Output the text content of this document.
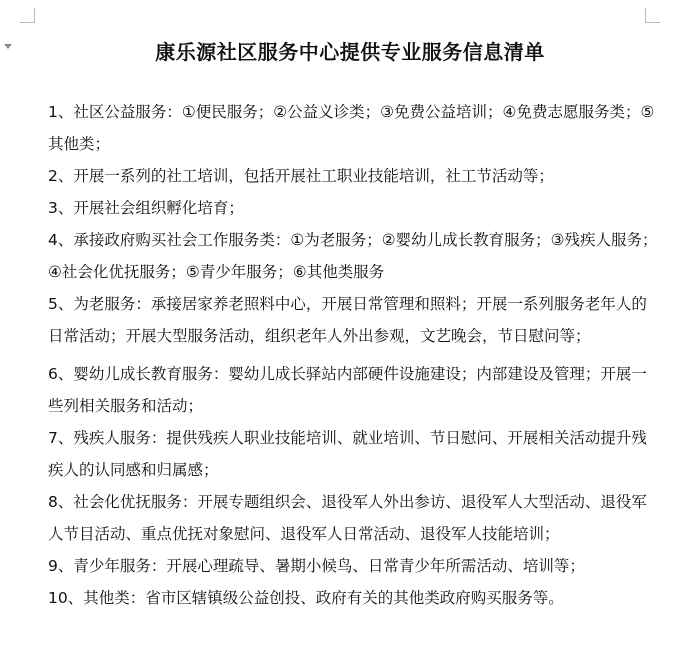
康乐源社区服务中心提供专业服务信息清单

1、社区公益服务：①便民服务；②公益义诊类；③免费公益培训；④免费志愿服务类；⑤其他类；

2、开展一系列的社工培训，包括开展社工职业技能培训，社工节活动等；

3、开展社会组织孵化培育；

4、承接政府购买社会工作服务类：①为老服务；②婴幼儿成长教育服务；③残疾人服务；④社会化优抚服务；⑤青少年服务；⑥其他类服务

5、为老服务：承接居家养老照料中心，开展日常管理和照料；开展一系列服务老年人的日常活动；开展大型服务活动，组织老年人外出参观，文艺晚会，节日慰问等；

6、婴幼儿成长教育服务：婴幼儿成长驿站内部硬件设施建设；内部建设及管理；开展一些列相关服务和活动；

7、残疾人服务：提供残疾人职业技能培训、就业培训、节日慰问、开展相关活动提升残疾人的认同感和归属感；

8、社会化优抚服务：开展专题组织会、退役军人外出参访、退役军人大型活动、退役军人节目活动、重点优抚对象慰问、退役军人日常活动、退役军人技能培训；

9、青少年服务：开展心理疏导、暑期小候鸟、日常青少年所需活动、培训等；

10、其他类：省市区辖镇级公益创投、政府有关的其他类政府购买服务等。
